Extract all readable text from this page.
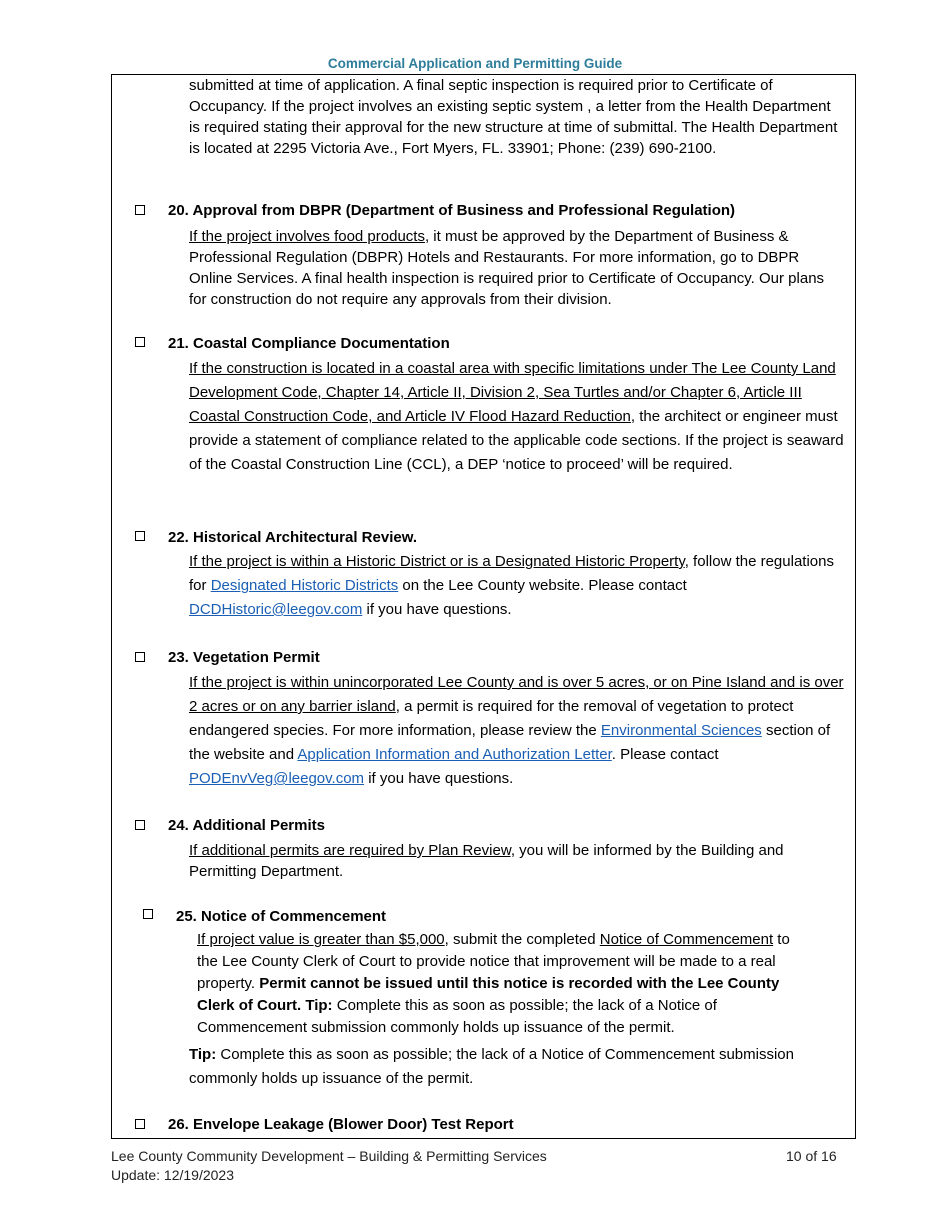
Commercial Application and Permitting Guide
submitted at time of application. A final septic inspection is required prior to Certificate of Occupancy. If the project involves an existing septic system , a letter from the Health Department is required stating their approval for the new structure at time of submittal. The Health Department is located at 2295 Victoria Ave., Fort Myers, FL. 33901; Phone: (239) 690-2100.
20. Approval from DBPR (Department of Business and Professional Regulation)
If the project involves food products, it must be approved by the Department of Business & Professional Regulation (DBPR) Hotels and Restaurants. For more information, go to DBPR Online Services. A final health inspection is required prior to Certificate of Occupancy. Our plans for construction do not require any approvals from their division.
21. Coastal Compliance Documentation
If the construction is located in a coastal area with specific limitations under The Lee County Land Development Code, Chapter 14, Article II, Division 2, Sea Turtles and/or Chapter 6, Article III Coastal Construction Code, and Article IV Flood Hazard Reduction, the architect or engineer must provide a statement of compliance related to the applicable code sections. If the project is seaward of the Coastal Construction Line (CCL), a DEP ‘notice to proceed’ will be required.
22. Historical Architectural Review.
If the project is within a Historic District or is a Designated Historic Property, follow the regulations for Designated Historic Districts on the Lee County website. Please contact DCDHistoric@leegov.com if you have questions.
23. Vegetation Permit
If the project is within unincorporated Lee County and is over 5 acres, or on Pine Island and is over 2 acres or on any barrier island, a permit is required for the removal of vegetation to protect endangered species. For more information, please review the Environmental Sciences section of the website and Application Information and Authorization Letter. Please contact PODEnvVeg@leegov.com if you have questions.
24. Additional Permits
If additional permits are required by Plan Review, you will be informed by the Building and Permitting Department.
25. Notice of Commencement
If project value is greater than $5,000, submit the completed Notice of Commencement to the Lee County Clerk of Court to provide notice that improvement will be made to a real property. Permit cannot be issued until this notice is recorded with the Lee County Clerk of Court. Tip: Complete this as soon as possible; the lack of a Notice of Commencement submission commonly holds up issuance of the permit.
Tip: Complete this as soon as possible; the lack of a Notice of Commencement submission commonly holds up issuance of the permit.
26. Envelope Leakage (Blower Door) Test Report
Lee County Community Development – Building & Permitting Services
Update: 12/19/2023
10 of 16
